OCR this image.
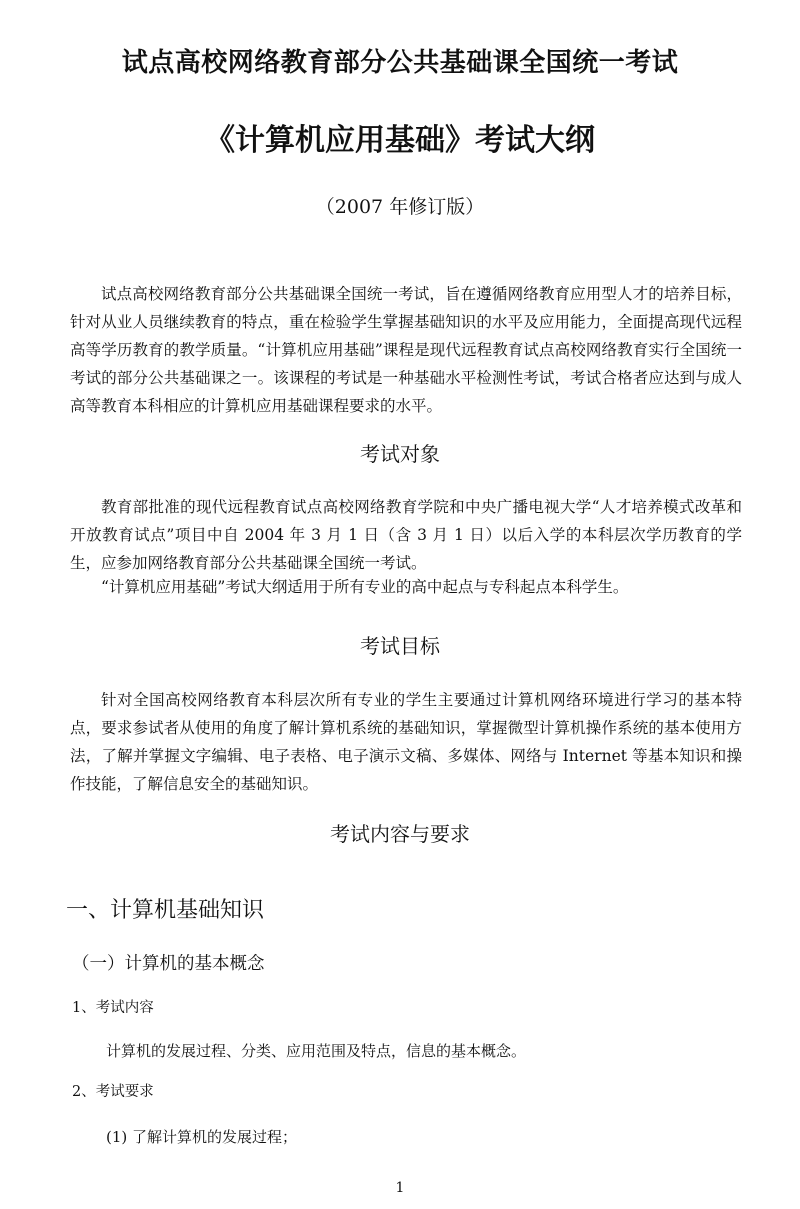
试点高校网络教育部分公共基础课全国统一考试
《计算机应用基础》考试大纲
（2007 年修订版）

试点高校网络教育部分公共基础课全国统一考试，旨在遵循网络教育应用型人才的培养目标，针对从业人员继续教育的特点，重在检验学生掌握基础知识的水平及应用能力，全面提高现代远程高等学历教育的教学质量。“计算机应用基础”课程是现代远程教育试点高校网络教育实行全国统一考试的部分公共基础课之一。该课程的考试是一种基础水平检测性考试，考试合格者应达到与成人高等教育本科相应的计算机应用基础课程要求的水平。

考试对象

教育部批准的现代远程教育试点高校网络教育学院和中央广播电视大学“人才培养模式改革和开放教育试点”项目中自 2004 年 3 月 1 日（含 3 月 1 日）以后入学的本科层次学历教育的学生，应参加网络教育部分公共基础课全国统一考试。

“计算机应用基础”考试大纲适用于所有专业的高中起点与专科起点本科学生。

考试目标

针对全国高校网络教育本科层次所有专业的学生主要通过计算机网络环境进行学习的基本特点，要求参试者从使用的角度了解计算机系统的基础知识，掌握微型计算机操作系统的基本使用方法，了解并掌握文字编辑、电子表格、电子演示文稿、多媒体、网络与 Internet 等基本知识和操作技能，了解信息安全的基础知识。

考试内容与要求
一、计算机基础知识
（一）计算机的基本概念
1、考试内容
计算机的发展过程、分类、应用范围及特点，信息的基本概念。
2、考试要求
(1) 了解计算机的发展过程；
1
